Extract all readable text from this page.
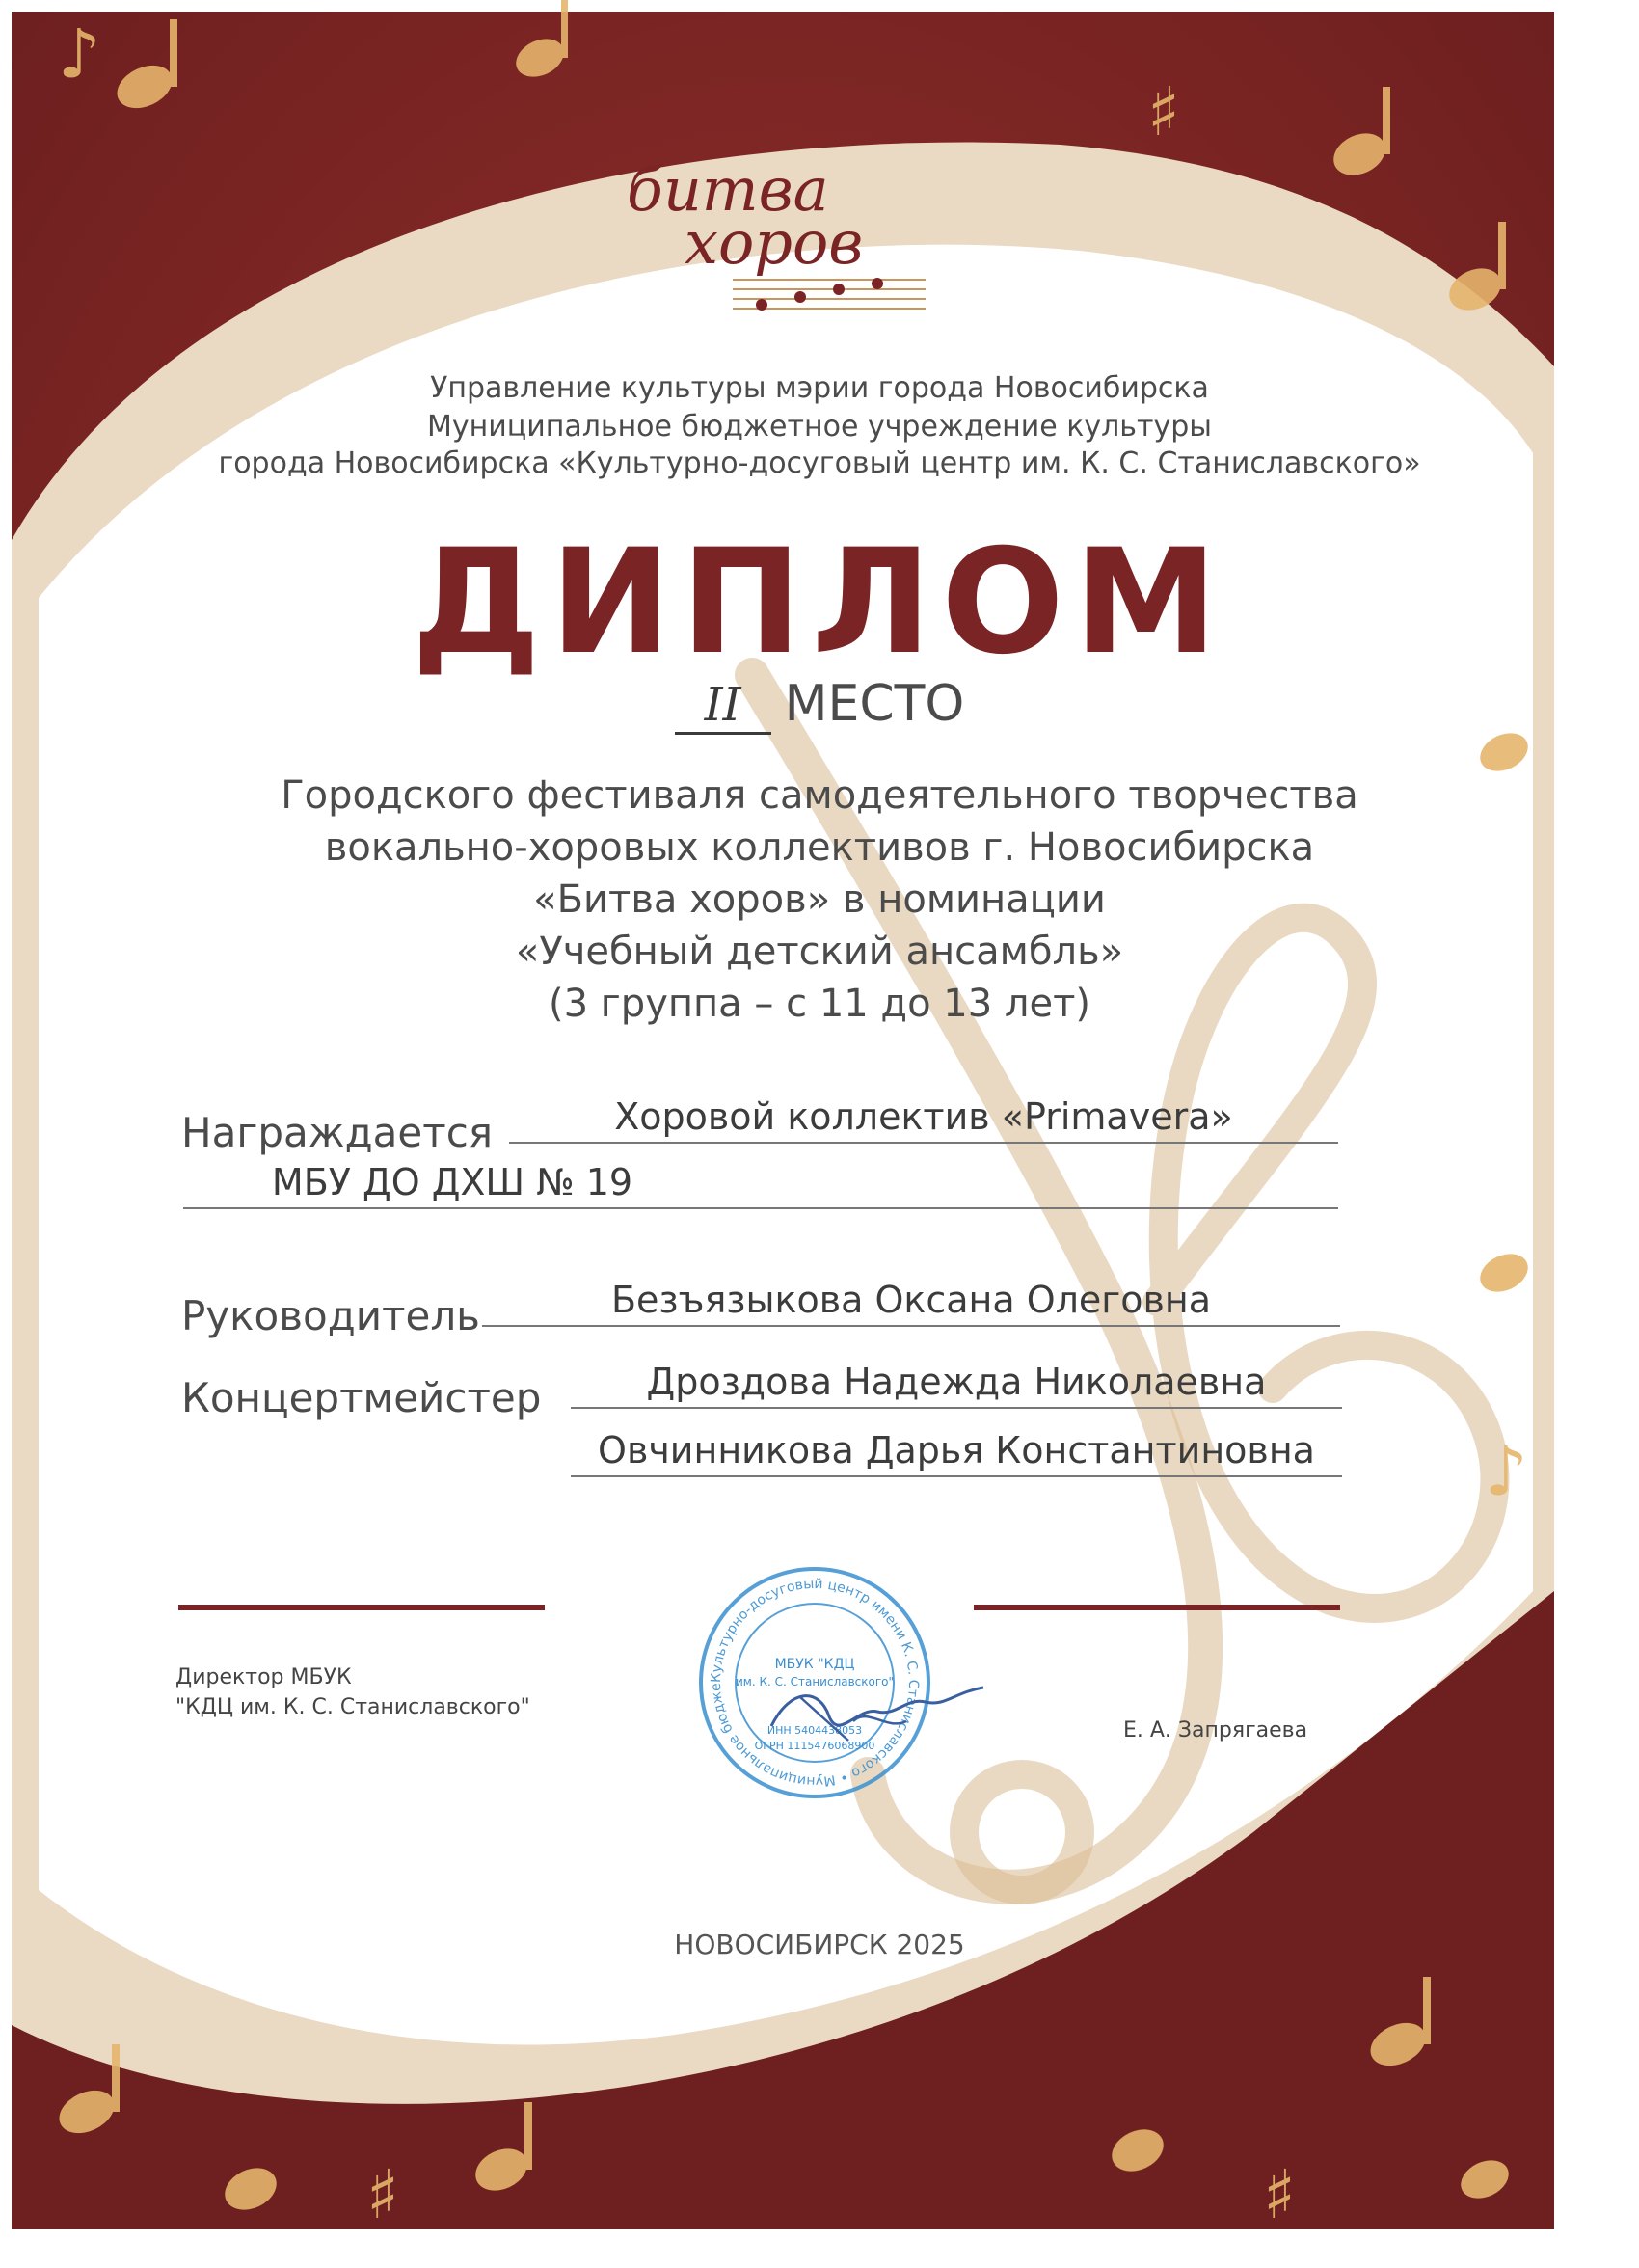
♯
♪
♯	♯
♪
битва
хоров
Управление культуры мэрии города Новосибирска
Муниципальное бюджетное учреждение культуры
города Новосибирска «Культурно-досуговый центр им. К. С. Станиславского»
ДИПЛОМ
II МЕСТО
Городского фестиваля самодеятельного творчества
вокально-хоровых коллективов г. Новосибирска
«Битва хоров» в номинации
«Учебный детский ансамбль»
(3 группа – с 11 до 13 лет)
Награждается	Хоровой коллектив «Primavera»
МБУ ДО ДХШ № 19
Руководитель	Безъязыкова Оксана Олеговна
Концертмейстер	Дроздова Надежда Николаевна
Овчинникова Дарья Константиновна
Директор МБУК
"КДЦ им. К. С. Станиславского"
Е. А. Запрягаева
Культурно-досуговый центр имени К. С. Станиславского • Муниципальное бюдже
МБУК "КДЦ
им. К. С. Станиславского"
ИНН 5404438053
ОГРН 1115476068900
НОВОСИБИРСК 2025
